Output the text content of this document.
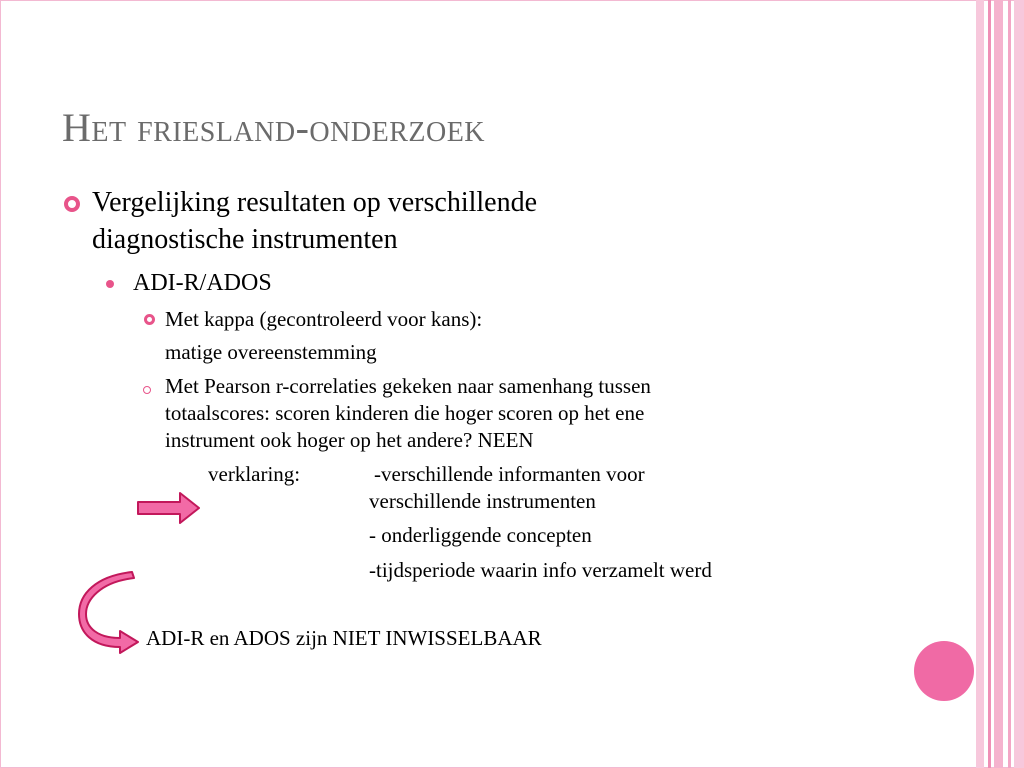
Het friesland-onderzoek
Vergelijking resultaten op verschillende
diagnostische instrumenten
ADI-R/ADOS
Met kappa (gecontroleerd voor kans):
matige overeenstemming
Met Pearson r-correlaties gekeken naar samenhang tussen
totaalscores: scoren kinderen die hoger scoren op het ene
instrument ook hoger op het andere? NEEN
verklaring:	-verschillende informanten voor
verschillende instrumenten
- onderliggende concepten
-tijdsperiode waarin info verzamelt werd
ADI-R en ADOS zijn NIET INWISSELBAAR
